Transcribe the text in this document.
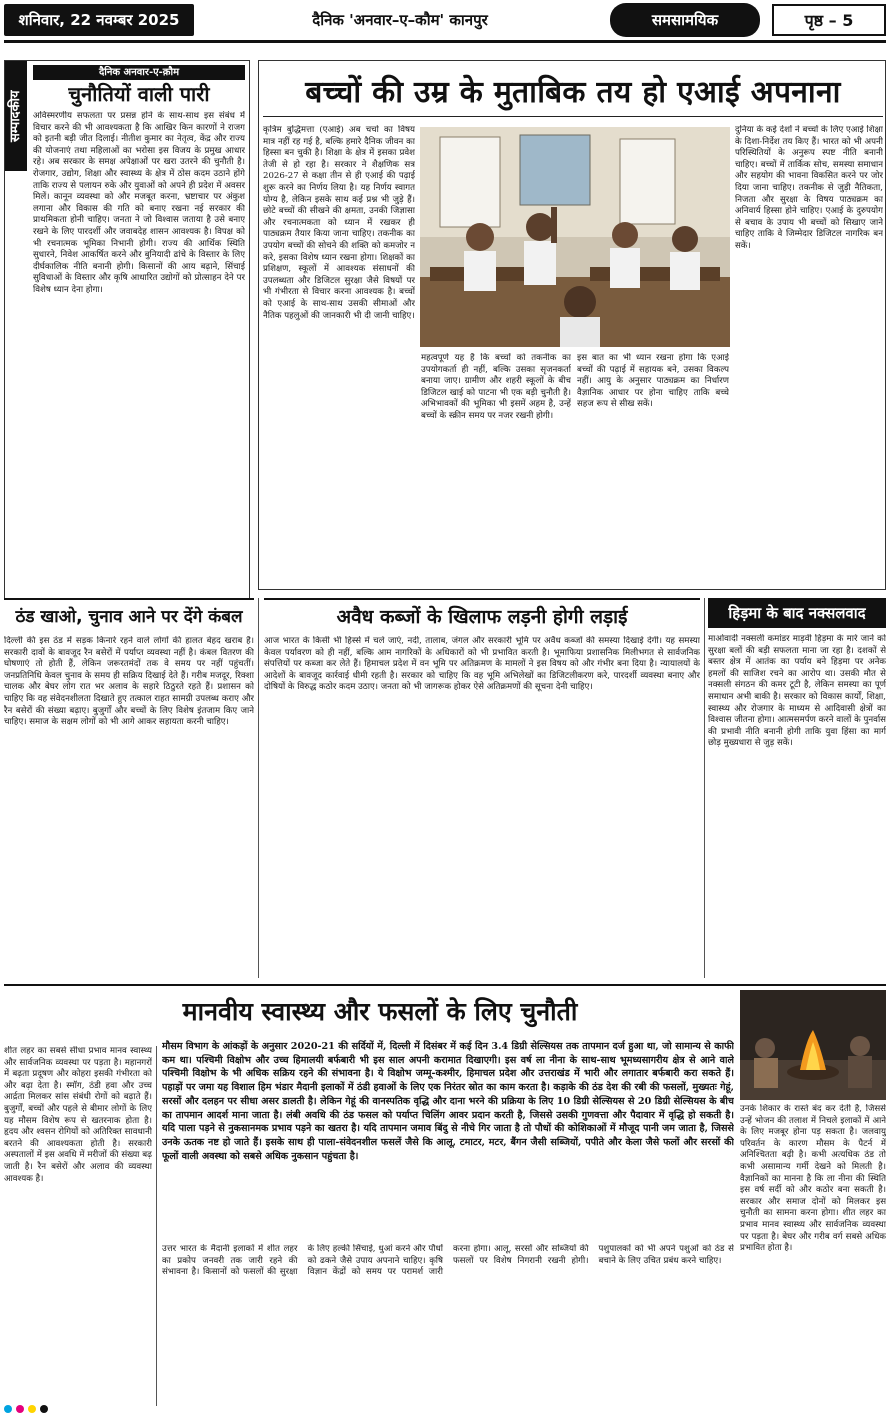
शनिवार, 22 नवम्बर 2025	दैनिक 'अनवार–ए–कौम' कानपुर	समसामयिक	पृष्ठ – 5
सम्पादकीय
दैनिक अनवार-ए-क़ौम
चुनौतियों वाली पारी
अविस्मरणीय सफलता पर प्रसन्न होने के साथ-साथ इस संबंध में विचार करने की भी आवश्यकता है कि आखिर किन कारणों ने राजग को इतनी बड़ी जीत दिलाई। नीतीश कुमार का नेतृत्व, केंद्र और राज्य की योजनाएं तथा महिलाओं का भरोसा इस विजय के प्रमुख आधार रहे। अब सरकार के समक्ष अपेक्षाओं पर खरा उतरने की चुनौती है। रोजगार, उद्योग, शिक्षा और स्वास्थ्य के क्षेत्र में ठोस कदम उठाने होंगे ताकि राज्य से पलायन रुके और युवाओं को अपने ही प्रदेश में अवसर मिलें। कानून व्यवस्था को और मजबूत करना, भ्रष्टाचार पर अंकुश लगाना और विकास की गति को बनाए रखना नई सरकार की प्राथमिकता होनी चाहिए। जनता ने जो विश्वास जताया है उसे बनाए रखने के लिए पारदर्शी और जवाबदेह शासन आवश्यक है। विपक्ष को भी रचनात्मक भूमिका निभानी होगी। राज्य की आर्थिक स्थिति सुधारने, निवेश आकर्षित करने और बुनियादी ढांचे के विस्तार के लिए दीर्घकालिक नीति बनानी होगी। किसानों की आय बढ़ाने, सिंचाई सुविधाओं के विस्तार और कृषि आधारित उद्योगों को प्रोत्साहन देने पर विशेष ध्यान देना होगा।
बच्चों की उम्र के मुताबिक तय हो एआई अपनाना
कृत्रिम बुद्धिमत्ता (एआई) अब चर्चा का विषय मात्र नहीं रह गई है, बल्कि हमारे दैनिक जीवन का हिस्सा बन चुकी है। शिक्षा के क्षेत्र में इसका प्रवेश तेजी से हो रहा है। सरकार ने शैक्षणिक सत्र 2026-27 से कक्षा तीन से ही एआई की पढ़ाई शुरू करने का निर्णय लिया है। यह निर्णय स्वागत योग्य है, लेकिन इसके साथ कई प्रश्न भी जुड़े हैं। छोटे बच्चों की सीखने की क्षमता, उनकी जिज्ञासा और रचनात्मकता को ध्यान में रखकर ही पाठ्यक्रम तैयार किया जाना चाहिए। तकनीक का उपयोग बच्चों की सोचने की शक्ति को कमजोर न करे, इसका विशेष ध्यान रखना होगा। शिक्षकों का प्रशिक्षण, स्कूलों में आवश्यक संसाधनों की उपलब्धता और डिजिटल सुरक्षा जैसे विषयों पर भी गंभीरता से विचार करना आवश्यक है। बच्चों को एआई के साथ-साथ उसकी सीमाओं और नैतिक पहलुओं की जानकारी भी दी जानी चाहिए।
महत्वपूर्ण यह है कि बच्चों को तकनीक का उपयोगकर्ता ही नहीं, बल्कि उसका सृजनकर्ता बनाया जाए। ग्रामीण और शहरी स्कूलों के बीच डिजिटल खाई को पाटना भी एक बड़ी चुनौती है। अभिभावकों की भूमिका भी इसमें अहम है, उन्हें बच्चों के स्क्रीन समय पर नजर रखनी होगी।
इस बात का भी ध्यान रखना होगा कि एआई बच्चों की पढ़ाई में सहायक बने, उसका विकल्प नहीं। आयु के अनुसार पाठ्यक्रम का निर्धारण वैज्ञानिक आधार पर होना चाहिए ताकि बच्चे सहज रूप से सीख सकें।
दुनिया के कई देशों ने बच्चों के लिए एआई शिक्षा के दिशा-निर्देश तय किए हैं। भारत को भी अपनी परिस्थितियों के अनुरूप स्पष्ट नीति बनानी चाहिए। बच्चों में तार्किक सोच, समस्या समाधान और सहयोग की भावना विकसित करने पर जोर दिया जाना चाहिए। तकनीक से जुड़ी नैतिकता, निजता और सुरक्षा के विषय पाठ्यक्रम का अनिवार्य हिस्सा होने चाहिए। एआई के दुरुपयोग से बचाव के उपाय भी बच्चों को सिखाए जाने चाहिए ताकि वे जिम्मेदार डिजिटल नागरिक बन सकें।
ठंड खाओ, चुनाव आने पर देंगे कंबल
दिल्ली की इस ठंड में सड़क किनारे रहने वाले लोगों की हालत बेहद खराब है। सरकारी दावों के बावजूद रैन बसेरों में पर्याप्त व्यवस्था नहीं है। कंबल वितरण की घोषणाएं तो होती हैं, लेकिन जरूरतमंदों तक वे समय पर नहीं पहुंचतीं। जनप्रतिनिधि केवल चुनाव के समय ही सक्रिय दिखाई देते हैं। गरीब मजदूर, रिक्शा चालक और बेघर लोग रात भर अलाव के सहारे ठिठुरते रहते हैं। प्रशासन को चाहिए कि वह संवेदनशीलता दिखाते हुए तत्काल राहत सामग्री उपलब्ध कराए और रैन बसेरों की संख्या बढ़ाए। बुजुर्गों और बच्चों के लिए विशेष इंतजाम किए जाने चाहिए। समाज के सक्षम लोगों को भी आगे आकर सहायता करनी चाहिए।
अवैध कब्जों के खिलाफ लड़नी होगी लड़ाई
आज भारत के किसी भी हिस्से में चले जाएं, नदी, तालाब, जंगल और सरकारी भूमि पर अवैध कब्जों की समस्या दिखाई देगी। यह समस्या केवल पर्यावरण को ही नहीं, बल्कि आम नागरिकों के अधिकारों को भी प्रभावित करती है। भूमाफिया प्रशासनिक मिलीभगत से सार्वजनिक संपत्तियों पर कब्जा कर लेते हैं। हिमाचल प्रदेश में वन भूमि पर अतिक्रमण के मामलों ने इस विषय को और गंभीर बना दिया है। न्यायालयों के आदेशों के बावजूद कार्रवाई धीमी रहती है। सरकार को चाहिए कि वह भूमि अभिलेखों का डिजिटलीकरण करे, पारदर्शी व्यवस्था बनाए और दोषियों के विरुद्ध कठोर कदम उठाए। जनता को भी जागरूक होकर ऐसे अतिक्रमणों की सूचना देनी चाहिए।
हिड़मा के बाद नक्सलवाद
माओवादी नक्सली कमांडर माड़वी हिड़मा के मारे जाने को सुरक्षा बलों की बड़ी सफलता माना जा रहा है। दशकों से बस्तर क्षेत्र में आतंक का पर्याय बने हिड़मा पर अनेक हमलों की साजिश रचने का आरोप था। उसकी मौत से नक्सली संगठन की कमर टूटी है, लेकिन समस्या का पूर्ण समाधान अभी बाकी है। सरकार को विकास कार्यों, शिक्षा, स्वास्थ्य और रोजगार के माध्यम से आदिवासी क्षेत्रों का विश्वास जीतना होगा। आत्मसमर्पण करने वालों के पुनर्वास की प्रभावी नीति बनानी होगी ताकि युवा हिंसा का मार्ग छोड़ मुख्यधारा से जुड़ सकें।
मानवीय स्वास्थ्य और फसलों के लिए चुनौती
शीत लहर का सबसे सीधा प्रभाव मानव स्वास्थ्य और सार्वजनिक व्यवस्था पर पड़ता है। महानगरों में बढ़ता प्रदूषण और कोहरा इसकी गंभीरता को और बढ़ा देता है। स्मॉग, ठंडी हवा और उच्च आर्द्रता मिलकर सांस संबंधी रोगों को बढ़ाते हैं। बुजुर्गों, बच्चों और पहले से बीमार लोगों के लिए यह मौसम विशेष रूप से खतरनाक होता है। हृदय और श्वसन रोगियों को अतिरिक्त सावधानी बरतने की आवश्यकता होती है। सरकारी अस्पतालों में इस अवधि में मरीजों की संख्या बढ़ जाती है। रैन बसेरों और अलाव की व्यवस्था आवश्यक है।
मौसम विभाग के आंकड़ों के अनुसार 2020-21 की सर्दियों में, दिल्ली में दिसंबर में कई दिन 3.4 डिग्री सेल्सियस तक तापमान दर्ज हुआ था, जो सामान्य से काफी कम था। पश्चिमी विक्षोभ और उच्च हिमालयी बर्फबारी भी इस साल अपनी करामात दिखाएगी। इस वर्ष ला नीना के साथ-साथ भूमध्यसागरीय क्षेत्र से आने वाले पश्चिमी विक्षोभ के भी अधिक सक्रिय रहने की संभावना है। ये विक्षोभ जम्मू-कश्मीर, हिमाचल प्रदेश और उत्तराखंड में भारी और लगातार बर्फबारी करा सकते हैं। पहाड़ों पर जमा यह विशाल हिम भंडार मैदानी इलाकों में ठंडी हवाओं के लिए एक निरंतर स्रोत का काम करता है। कड़ाके की ठंड देश की रबी की फसलों, मुख्यतः गेहूं, सरसों और दलहन पर सीधा असर डालती है। लेकिन गेहूं की वानस्पतिक वृद्धि और दाना भरने की प्रक्रिया के लिए 10 डिग्री सेल्सियस से 20 डिग्री सेल्सियस के बीच का तापमान आदर्श माना जाता है। लंबी अवधि की ठंड फसल को पर्याप्त चिलिंग आवर प्रदान करती है, जिससे उसकी गुणवत्ता और पैदावार में वृद्धि हो सकती है। यदि पाला पड़ने से नुकसानमक प्रभाव पड़ने का खतरा है। यदि तापमान जमाव बिंदु से नीचे गिर जाता है तो पौधों की कोशिकाओं में मौजूद पानी जम जाता है, जिससे उनके ऊतक नष्ट हो जाते हैं। इसके साथ ही पाला-संवेदनशील फसलें जैसे कि आलू, टमाटर, मटर, बैंगन जैसी सब्जियों, पपीते और केला जैसे फलों और सरसों की फूलों वाली अवस्था को सबसे अधिक नुकसान पहुंचता है।
उत्तर भारत के मैदानी इलाकों में शीत लहर का प्रकोप जनवरी तक जारी रहने की संभावना है। किसानों को फसलों की सुरक्षा के लिए हल्की सिंचाई, धुआं करने और पौधों को ढकने जैसे उपाय अपनाने चाहिए। कृषि विज्ञान केंद्रों को समय पर परामर्श जारी करना होगा। आलू, सरसों और सब्जियों की फसलों पर विशेष निगरानी रखनी होगी। पशुपालकों को भी अपने पशुओं को ठंड से बचाने के लिए उचित प्रबंध करने चाहिए।
उनके शिकार के रास्ते बंद कर देती है, जिससे उन्हें भोजन की तलाश में निचले इलाकों में आने के लिए मजबूर होना पड़ सकता है। जलवायु परिवर्तन के कारण मौसम के पैटर्न में अनिश्चितता बढ़ी है। कभी अत्यधिक ठंड तो कभी असामान्य गर्मी देखने को मिलती है। वैज्ञानिकों का मानना है कि ला नीना की स्थिति इस वर्ष सर्दी को और कठोर बना सकती है। सरकार और समाज दोनों को मिलकर इस चुनौती का सामना करना होगा। शीत लहर का प्रभाव मानव स्वास्थ्य और सार्वजनिक व्यवस्था पर पड़ता है। बेघर और गरीब वर्ग सबसे अधिक प्रभावित होता है।
